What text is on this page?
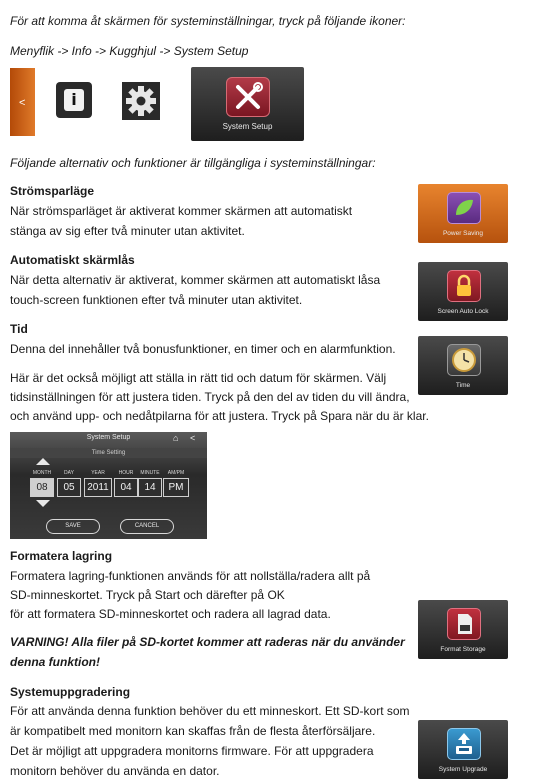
För att komma åt skärmen för systeminställningar, tryck på följande ikoner:
Menyflik -> Info -> Kugghjul -> System Setup
<	i
System Setup
Följande alternativ och funktioner är tillgängliga i systeminställningar:
Strömsparläge
När strömsparläget är aktiverat kommer skärmen att automatiskt
stänga av sig efter två minuter utan aktivitet.	Power Saving
Automatiskt skärmlås
När detta alternativ är aktiverat, kommer skärmen att automatiskt låsa
touch-screen funktionen efter två minuter utan aktivitet.
Screen Auto Lock
Tid
Denna del innehåller två bonusfunktioner, en timer och en alarmfunktion.
Här är det också möjligt att ställa in rätt tid och datum för skärmen. Välj
tidsinställningen för att justera tiden. Tryck på den del av tiden du vill ändra,
och använd upp- och nedåtpilarna för att justera. Tryck på Spara när du är klar.
Time
System Setup	⌂ <
Time Setting
MONTH	DAY	YEAR	HOUR	MINUTE	AM/PM
08	05	2011	04	14	PM
SAVE	CANCEL
Formatera lagring
Formatera lagring-funktionen används för att nollställa/radera allt på
SD-minneskortet. Tryck på Start och därefter på OK
för att formatera SD-minneskortet och radera all lagrad data.
VARNING! Alla filer på SD-kortet kommer att raderas när du använder
denna funktion!
Format Storage
Systemuppgradering
För att använda denna funktion behöver du ett minneskort. Ett SD-kort som
är kompatibelt med monitorn kan skaffas från de flesta återförsäljare.
Det är möjligt att uppgradera monitorns firmware. För att uppgradera
monitorn behöver du använda en dator.	System Upgrade
